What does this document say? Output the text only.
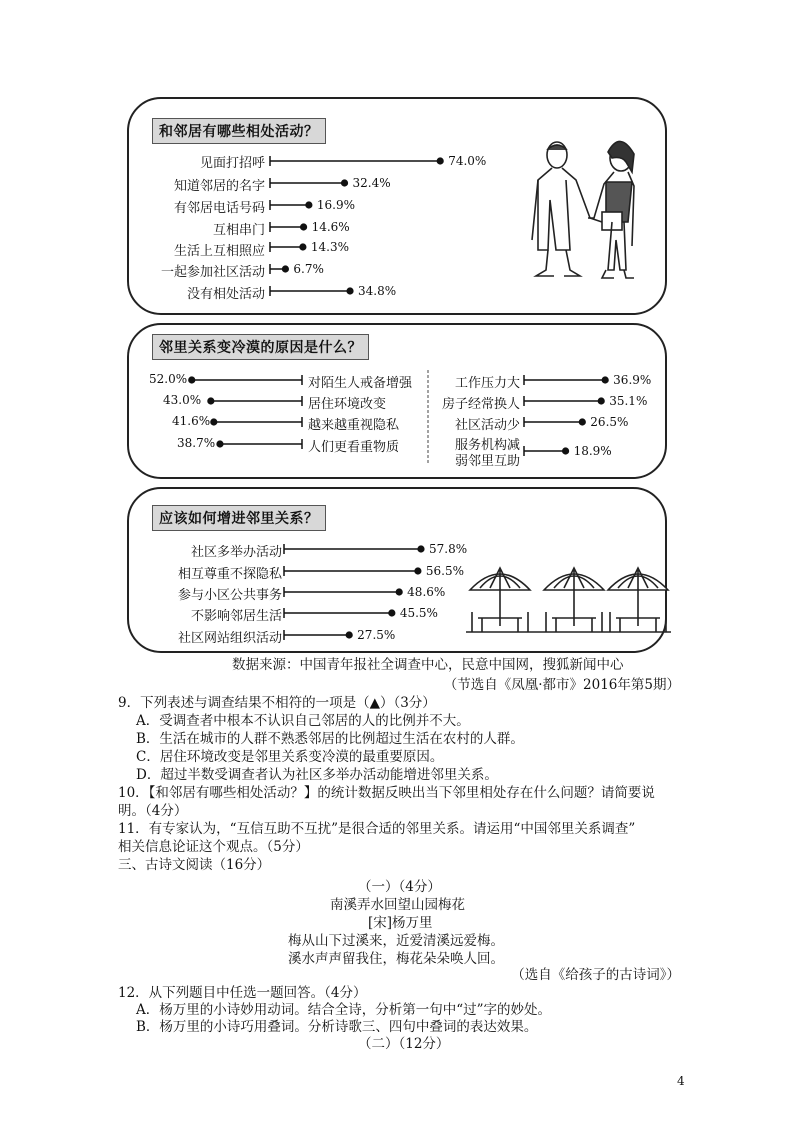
和邻居有哪些相处活动？
邻里关系变冷漠的原因是什么？
应该如何增进邻里关系？
见面打招呼
知道邻居的名字
有邻居电话号码
互相串门
生活上互相照应
一起参加社区活动
没有相处活动
52.0%
43.0%
41.6%
38.7%
对陌生人戒备增强
居住环境改变
越来越重视隐私
人们更看重物质
工作压力大
房子经常换人
社区活动少
服务机构减
弱邻里互助
社区多举办活动
相互尊重不探隐私
参与小区公共事务
不影响邻居生活
社区网站组织活动
74.0%
32.4%
16.9%
14.6%
14.3%
6.7%
34.8%
36.9%
35.1%
26.5%
18.9%
57.8%
56.5%
48.6%
45.5%
27.5%
数据来源：中国青年报社全调查中心，民意中国网，搜狐新闻中心
（节选自《凤凰·都市》2016年第5期）
9．下列表述与调查结果不相符的一项是（▲）（3分）
A．受调查者中根本不认识自己邻居的人的比例并不大。
B．生活在城市的人群不熟悉邻居的比例超过生活在农村的人群。
C．居住环境改变是邻里关系变冷漠的最重要原因。
D．超过半数受调查者认为社区多举办活动能增进邻里关系。
10．【和邻居有哪些相处活动？】的统计数据反映出当下邻里相处存在什么问题？请简要说
明。（4分）
11．有专家认为，“互信互助不互扰”是很合适的邻里关系。请运用“中国邻里关系调查”
相关信息论证这个观点。（5分）
三、古诗文阅读（16分）
（一）（4分）
南溪弄水回望山园梅花
[宋]杨万里
梅从山下过溪来，近爱清溪远爱梅。
溪水声声留我住，梅花朵朵唤人回。
（选自《给孩子的古诗词》）
12．从下列题目中任选一题回答。（4分）
A．杨万里的小诗妙用动词。结合全诗，分析第一句中“过”字的妙处。
B．杨万里的小诗巧用叠词。分析诗歌三、四句中叠词的表达效果。
（二）（12分）
4
